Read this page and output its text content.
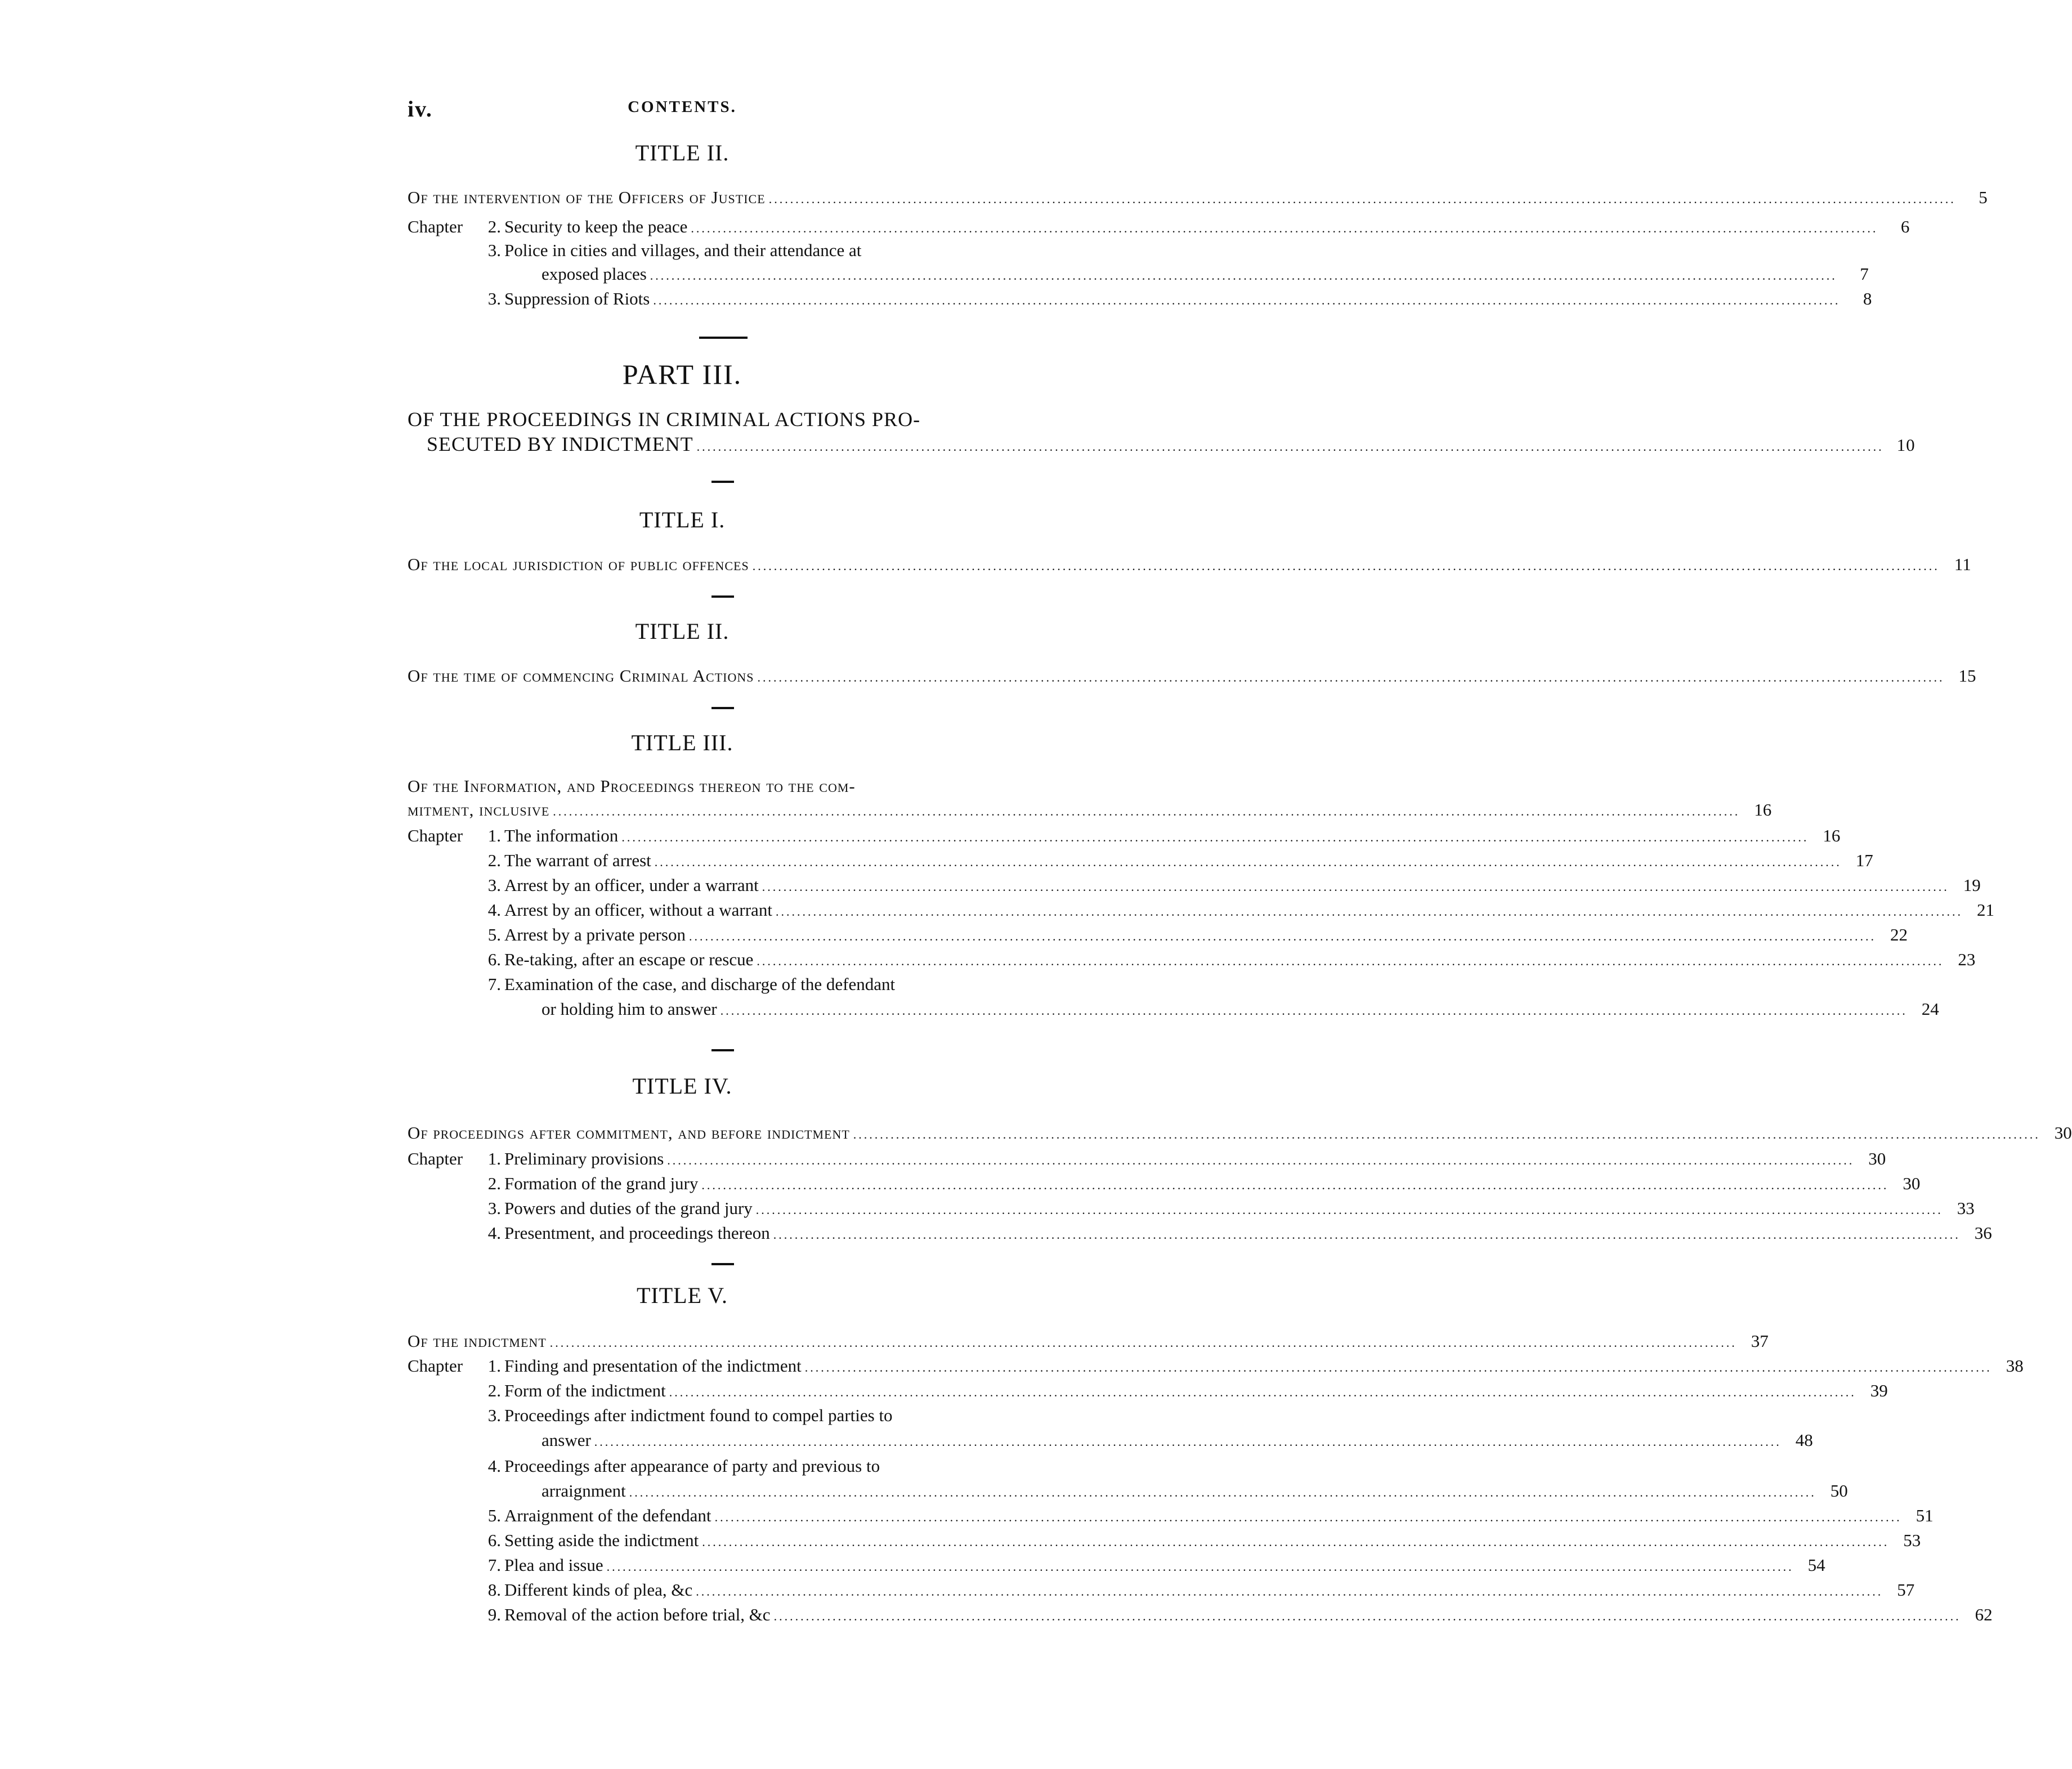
iv.	CONTENTS.
TITLE II.
Of the intervention of the Officers of Justice .....	5
Chapter	2. Security to keep the peace .....	6
3. Police in cities and villages, and their attendance at
exposed places .....	7
3. Suppression of Riots .....	8
PART III.
OF THE PROCEEDINGS IN CRIMINAL ACTIONS PRO-
SECUTED BY INDICTMENT .....	10
TITLE I.
Of the local jurisdiction of public offences .....	11
TITLE II.
Of the time of commencing Criminal Actions .....	15
TITLE III.
Of the Information, and Proceedings thereon to the com-
mitment, inclusive .....	16
Chapter	1. The information .....	16
2. The warrant of arrest .....	17
3. Arrest by an officer, under a warrant .....	19
4. Arrest by an officer, without a warrant .....	21
5. Arrest by a private person .....	22
6. Re-taking, after an escape or rescue .....	23
7. Examination of the case, and discharge of the defendant
or holding him to answer .....	24
TITLE IV.
Of proceedings after commitment, and before indictment .....	30
Chapter	1. Preliminary provisions .....	30
2. Formation of the grand jury .....	30
3. Powers and duties of the grand jury .....	33
4. Presentment, and proceedings thereon .....	36
TITLE V.
Of the indictment .....	37
Chapter	1. Finding and presentation of the indictment .....	38
2. Form of the indictment .....	39
3. Proceedings after indictment found to compel parties to
answer .....	48
4. Proceedings after appearance of party and previous to
arraignment .....	50
5. Arraignment of the defendant .....	51
6. Setting aside the indictment .....	53
7. Plea and issue .....	54
8. Different kinds of plea, &c .....	57
9. Removal of the action before trial, &c .....	62
